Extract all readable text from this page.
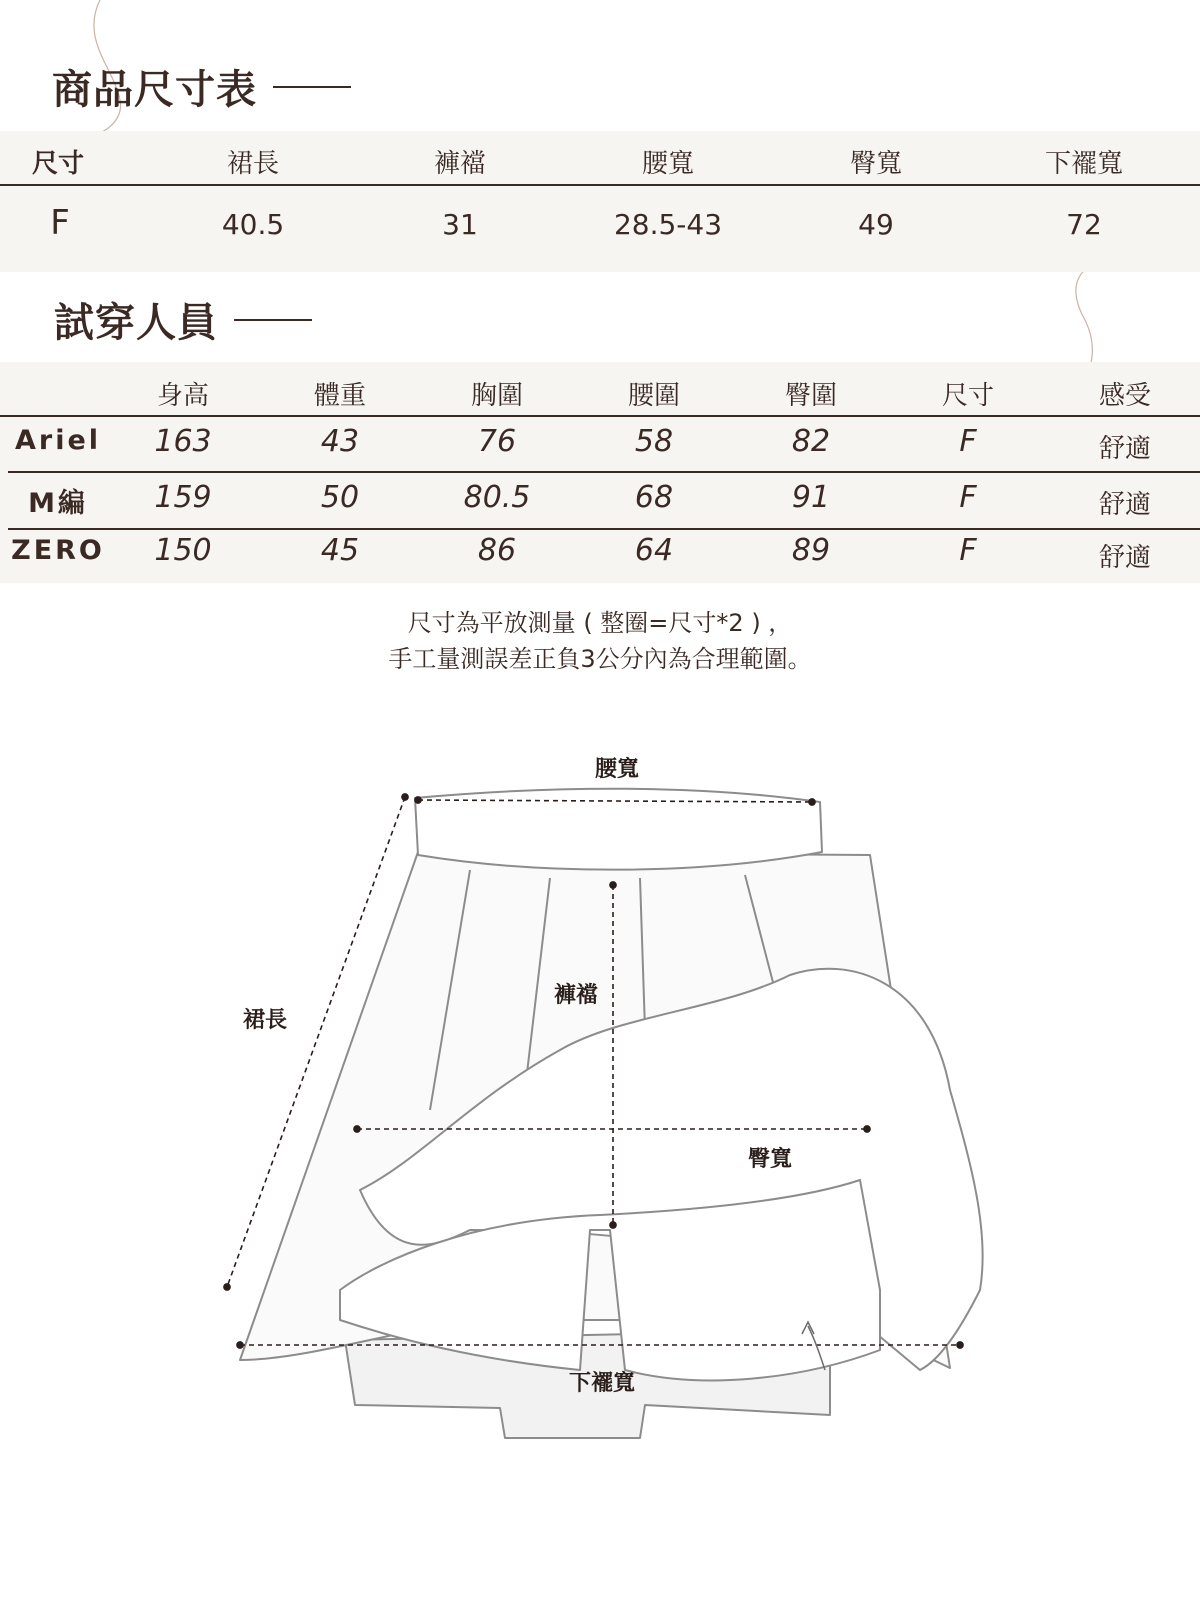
商品尺寸表
尺寸	裙長	褲襠	腰寬	臀寬	下襬寬
F	40.5	31	28.5-43	49	72
試穿人員
身高	體重	胸圍	腰圍	臀圍	尺寸	感受
Ariel 163	43	76	58	82	F	舒適
M編 159	50	80.5	68	91	F	舒適
ZERO 150	45	86	64	89	F	舒適
尺寸為平放測量 ( 整圈=尺寸*2 ) ，
手工量測誤差正負3公分內為合理範圍。
腰寬
褲襠
裙長
臀寬
下襬寬
